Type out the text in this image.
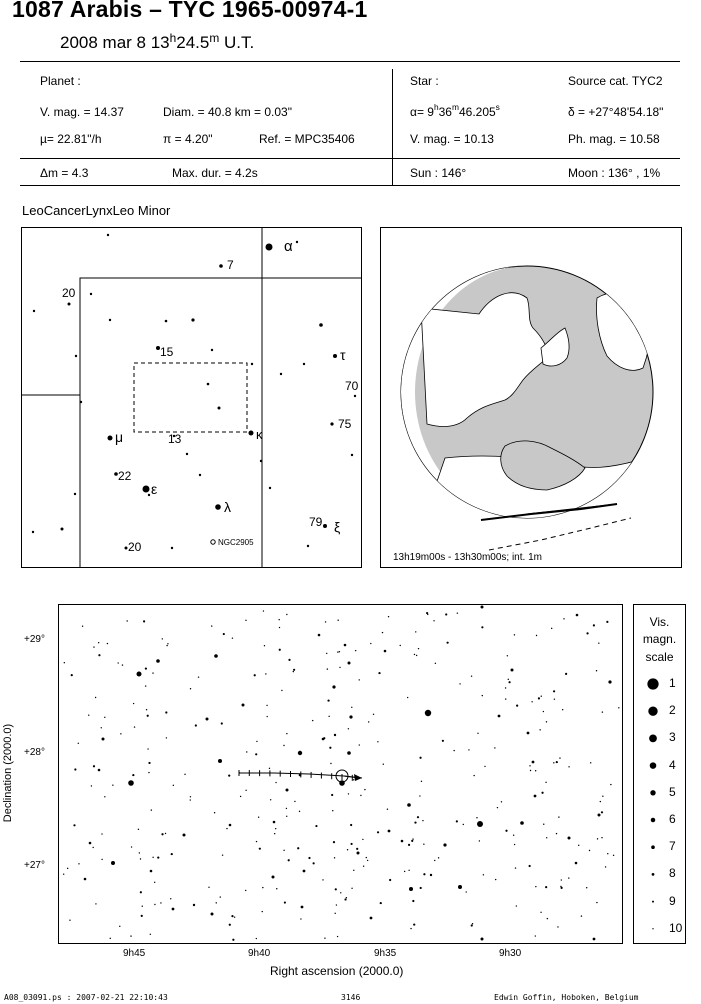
1087 Arabis – TYC 1965-00974-1
2008 mar 8 13$^h$24.5$^m$ U.T.
Planet :
V. mag. = 14.37	Diam. = 40.8 km = 0.03"
µ= 22.81"/h	π = 4.20"	Ref. = MPC35406
Δm = 4.3	Max. dur. = 4.2s
Star :	Source cat. TYC2
$\alpha= 9^h36^m46.205^s$	δ = +27°48'54.18"
V. mag. = 10.13	Ph. mag. = 10.58
Sun : 146°	Moon : 136° , 1%
LeoCancerLynxLeo Minor
α
7
20
15	τ
70
75
κ
μ	13
22
ε
λ
79 ξ
20	NGC2905
13h19m00s - 13h30m00s; int. 1m
+29°
+28°
+27°
9h45	9h40	9h35	9h30
Right ascension (2000.0)
Declination (2000.0)
Vis.
magn.
scale
1
2
3
4
5
6
7
8
9
10
A08_03091.ps : 2007-02-21 22:10:43	3146	Edwin Goffin, Hoboken, Belgium
